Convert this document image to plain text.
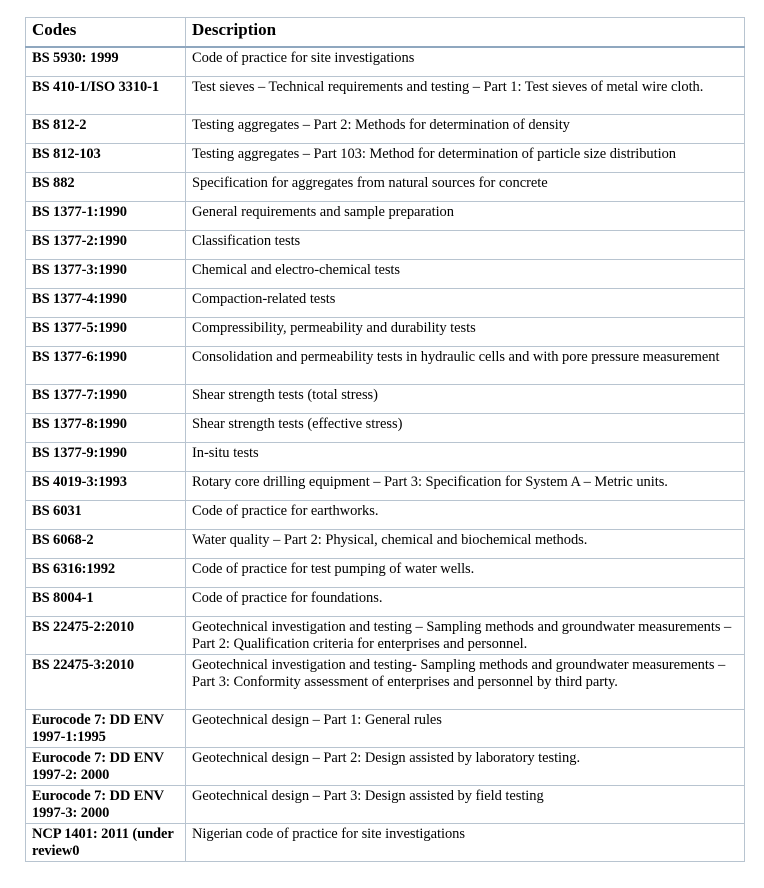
Codes	Description
BS 5930: 1999	Code of practice for site investigations
BS 410-1/ISO 3310-1	Test sieves – Technical requirements and testing – Part 1: Test sieves of metal wire cloth.
BS 812-2	Testing aggregates – Part 2: Methods for determination of density
BS 812-103	Testing aggregates – Part 103: Method for determination of particle size distribution
BS 882	Specification for aggregates from natural sources for concrete
BS 1377-1:1990	General requirements and sample preparation
BS 1377-2:1990	Classification tests
BS 1377-3:1990	Chemical and electro-chemical tests
BS 1377-4:1990	Compaction-related tests
BS 1377-5:1990	Compressibility, permeability and durability tests
BS 1377-6:1990	Consolidation and permeability tests in hydraulic cells and with pore pressure measurement
BS 1377-7:1990	Shear strength tests (total stress)
BS 1377-8:1990	Shear strength tests (effective stress)
BS 1377-9:1990	In-situ tests
BS 4019-3:1993	Rotary core drilling equipment – Part 3: Specification for System A – Metric units.
BS 6031	Code of practice for earthworks.
BS 6068-2	Water quality – Part 2: Physical, chemical and biochemical methods.
BS 6316:1992	Code of practice for test pumping of water wells.
BS 8004-1	Code of practice for foundations.
BS 22475-2:2010	Geotechnical investigation and testing – Sampling methods and groundwater measurements – Part 2: Qualification criteria for enterprises and personnel.
BS 22475-3:2010	Geotechnical investigation and testing- Sampling methods and groundwater measurements – Part 3: Conformity assessment of enterprises and personnel by third party.
Eurocode 7: DD ENV 1997-1:1995	Geotechnical design – Part 1: General rules
Eurocode 7: DD ENV 1997-2: 2000	Geotechnical design – Part 2: Design assisted by laboratory testing.
Eurocode 7: DD ENV 1997-3: 2000	Geotechnical design – Part 3: Design assisted by field testing
NCP 1401: 2011 (under review0	Nigerian code of practice for site investigations
